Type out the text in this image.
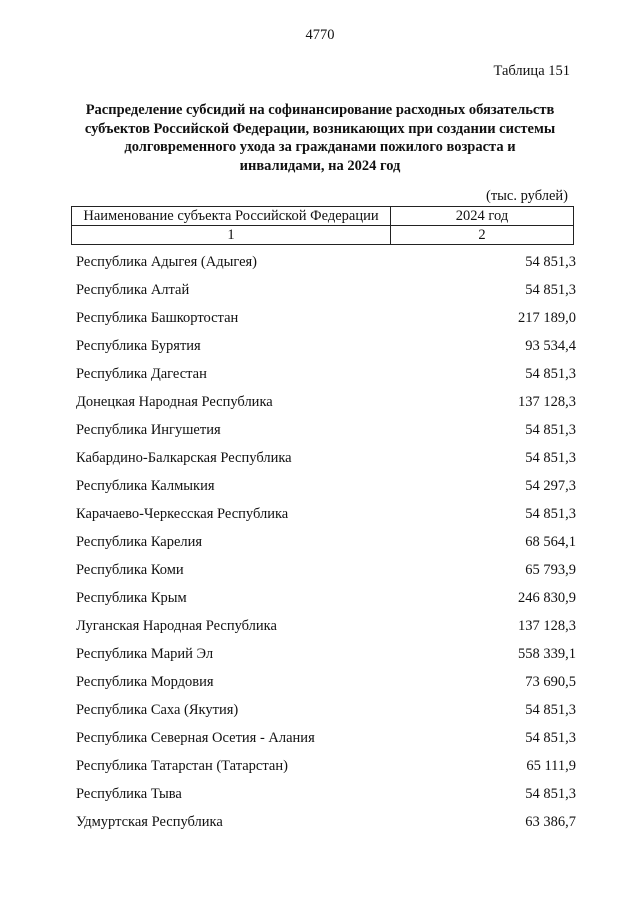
4770
Таблица 151
Распределение субсидий на софинансирование расходных обязательств
субъектов Российской Федерации, возникающих при создании системы
долговременного ухода за гражданами пожилого возраста и
инвалидами, на 2024 год
(тыс. рублей)
Наименование субъекта Российской Федерации	2024 год
1	2
Республика Адыгея (Адыгея)	54 851,3
Республика Алтай	54 851,3
Республика Башкортостан	217 189,0
Республика Бурятия	93 534,4
Республика Дагестан	54 851,3
Донецкая Народная Республика	137 128,3
Республика Ингушетия	54 851,3
Кабардино-Балкарская Республика	54 851,3
Республика Калмыкия	54 297,3
Карачаево-Черкесская Республика	54 851,3
Республика Карелия	68 564,1
Республика Коми	65 793,9
Республика Крым	246 830,9
Луганская Народная Республика	137 128,3
Республика Марий Эл	558 339,1
Республика Мордовия	73 690,5
Республика Саха (Якутия)	54 851,3
Республика Северная Осетия - Алания	54 851,3
Республика Татарстан (Татарстан)	65 111,9
Республика Тыва	54 851,3
Удмуртская Республика	63 386,7
